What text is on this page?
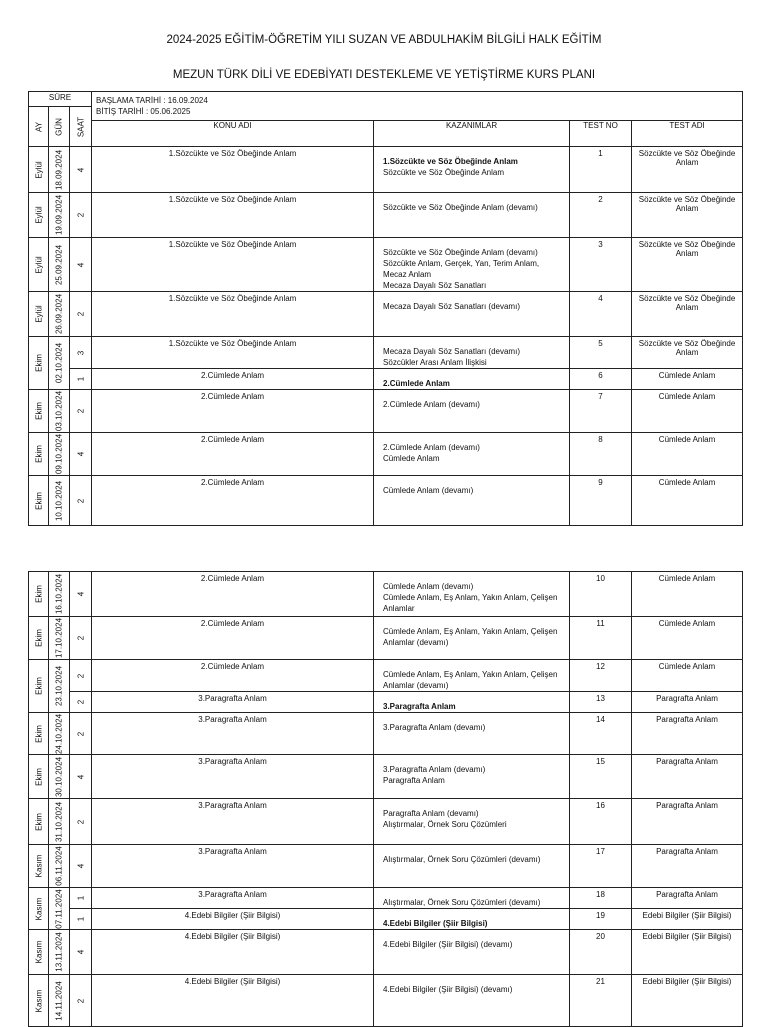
2024-2025 EĞİTİM-ÖĞRETİM YILI SUZAN VE ABDULHAKİM BİLGİLİ HALK EĞİTİM
MEZUN TÜRK DİLİ VE EDEBİYATI DESTEKLEME VE YETİŞTİRME KURS PLANI
SÜRE			BAŞLAMA TARİHİ : 16.09.2024
BİTİŞ TARİHİ : 05.06.2025			

AY	GÜN	SAAT				

			KONU ADI	KAZANIMLAR	TEST NO	TEST ADI

Eylül	18.09.2024	4	1.Sözcükte ve Söz Öbeğinde Anlam	1.Sözcükte ve Söz Öbeğinde Anlam
Sözcükte ve Söz Öbeğinde Anlam	1	Sözcükte ve Söz Öbeğinde Anlam

Eylül	19.09.2024	2	1.Sözcükte ve Söz Öbeğinde Anlam	Sözcükte ve Söz Öbeğinde Anlam (devamı)	2	Sözcükte ve Söz Öbeğinde Anlam

Eylül	25.09.2024	4	1.Sözcükte ve Söz Öbeğinde Anlam	Sözcükte ve Söz Öbeğinde Anlam (devamı)
Sözcükte Anlam, Gerçek, Yan, Terim Anlam,
Mecaz Anlam
Mecaza Dayalı Söz Sanatları	3	Sözcükte ve Söz Öbeğinde Anlam

Eylül	26.09.2024	2	1.Sözcükte ve Söz Öbeğinde Anlam	Mecaza Dayalı Söz Sanatları (devamı)	4	Sözcükte ve Söz Öbeğinde Anlam

Ekim	02.10.2024	3	1.Sözcükte ve Söz Öbeğinde Anlam	Mecaza Dayalı Söz Sanatları (devamı)
Sözcükler Arası Anlam İlişkisi	5	Sözcükte ve Söz Öbeğinde Anlam

		1	2.Cümlede Anlam	2.Cümlede Anlam	6	Cümlede Anlam

Ekim	03.10.2024	2	2.Cümlede Anlam	2.Cümlede Anlam (devamı)	7	Cümlede Anlam

Ekim	09.10.2024	4	2.Cümlede Anlam	2.Cümlede Anlam (devamı)
Cümlede Anlam	8	Cümlede Anlam

Ekim	10.10.2024	2	2.Cümlede Anlam	Cümlede Anlam (devamı)	9	Cümlede Anlam
Ekim	16.10.2024	4	2.Cümlede Anlam	Cümlede Anlam (devamı)
Cümlede Anlam, Eş Anlam, Yakın Anlam, Çelişen
Anlamlar	10	Cümlede Anlam

Ekim	17.10.2024	2	2.Cümlede Anlam	Cümlede Anlam, Eş Anlam, Yakın Anlam, Çelişen
Anlamlar (devamı)	11	Cümlede Anlam

Ekim	23.10.2024	2	2.Cümlede Anlam	Cümlede Anlam, Eş Anlam, Yakın Anlam, Çelişen
Anlamlar (devamı)	12	Cümlede Anlam

		2	3.Paragrafta Anlam	3.Paragrafta Anlam	13	Paragrafta Anlam

Ekim	24.10.2024	2	3.Paragrafta Anlam	3.Paragrafta Anlam (devamı)	14	Paragrafta Anlam

Ekim	30.10.2024	4	3.Paragrafta Anlam	3.Paragrafta Anlam (devamı)
Paragrafta Anlam	15	Paragrafta Anlam

Ekim	31.10.2024	2	3.Paragrafta Anlam	Paragrafta Anlam (devamı)
Alıştırmalar, Örnek Soru Çözümleri	16	Paragrafta Anlam

Kasım	06.11.2024	4	3.Paragrafta Anlam	Alıştırmalar, Örnek Soru Çözümleri (devamı)	17	Paragrafta Anlam

Kasım	07.11.2024	1	3.Paragrafta Anlam	Alıştırmalar, Örnek Soru Çözümleri (devamı)	18	Paragrafta Anlam

		1	4.Edebi Bilgiler (Şiir Bilgisi)	4.Edebi Bilgiler (Şiir Bilgisi)	19	Edebi Bilgiler (Şiir Bilgisi)

Kasım	13.11.2024	4	4.Edebi Bilgiler (Şiir Bilgisi)	4.Edebi Bilgiler (Şiir Bilgisi) (devamı)	20	Edebi Bilgiler (Şiir Bilgisi)

Kasım	14.11.2024	2	4.Edebi Bilgiler (Şiir Bilgisi)	4.Edebi Bilgiler (Şiir Bilgisi) (devamı)	21	Edebi Bilgiler (Şiir Bilgisi)
